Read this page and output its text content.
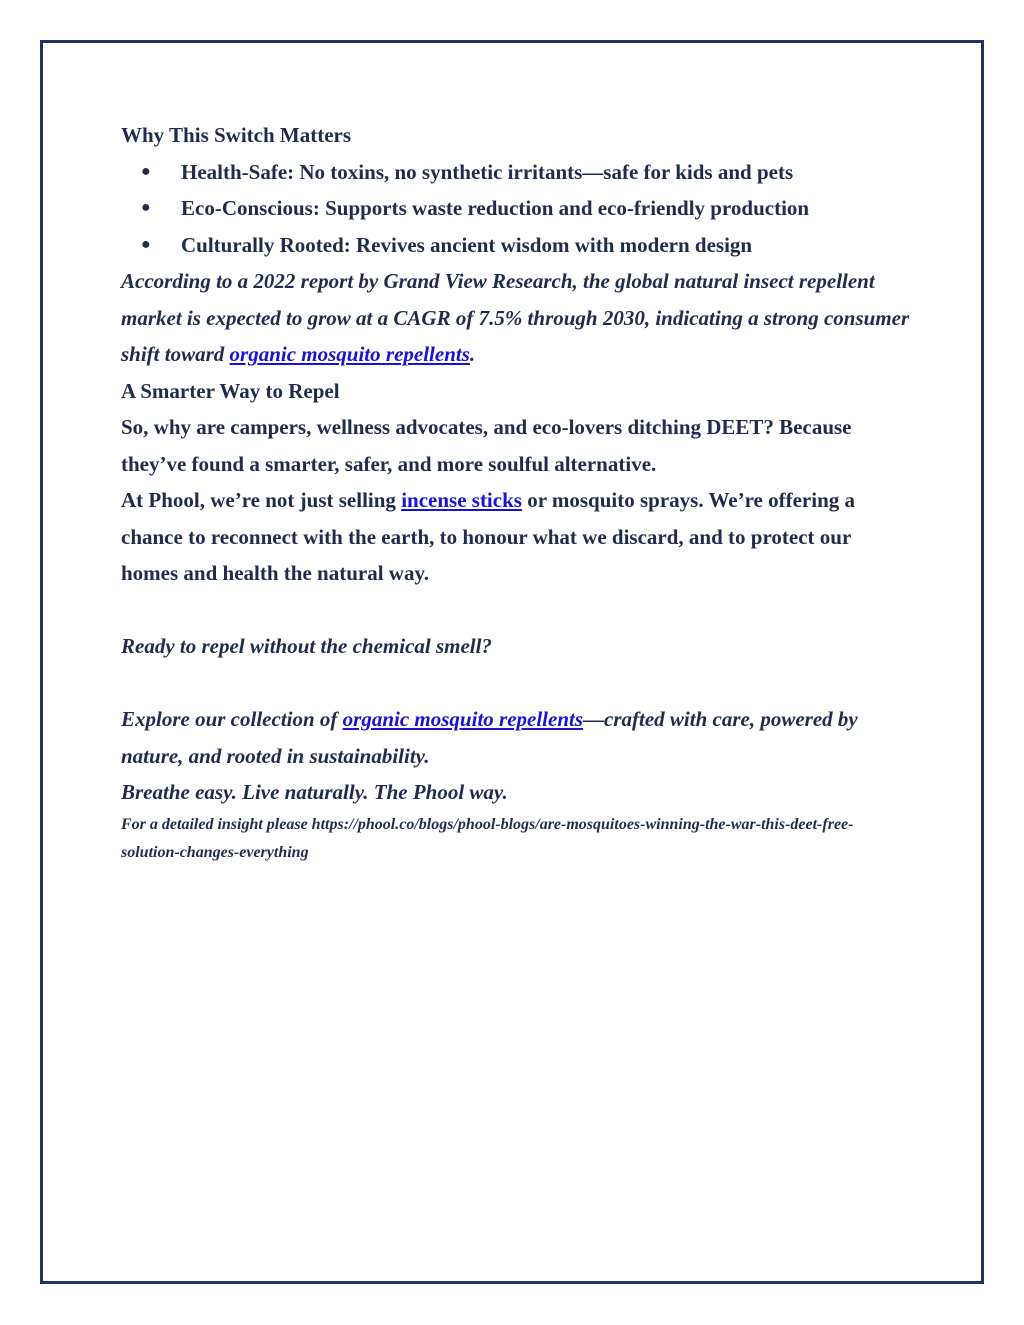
Why This Switch Matters

● Health-Safe: No toxins, no synthetic irritants—safe for kids and pets
● Eco-Conscious: Supports waste reduction and eco-friendly production
● Culturally Rooted: Revives ancient wisdom with modern design

According to a 2022 report by Grand View Research, the global natural insect repellent market is expected to grow at a CAGR of 7.5% through 2030, indicating a strong consumer shift toward organic mosquito repellents.

A Smarter Way to Repel

So, why are campers, wellness advocates, and eco-lovers ditching DEET? Because they’ve found a smarter, safer, and more soulful alternative.

At Phool, we’re not just selling incense sticks or mosquito sprays. We’re offering a chance to reconnect with the earth, to honour what we discard, and to protect our homes and health the natural way.

Ready to repel without the chemical smell?

Explore our collection of organic mosquito repellents—crafted with care, powered by nature, and rooted in sustainability.

Breathe easy. Live naturally. The Phool way.

For a detailed insight please https://phool.co/blogs/phool-blogs/are-mosquitoes-winning-the-war-this-deet-free-solution-changes-everything
